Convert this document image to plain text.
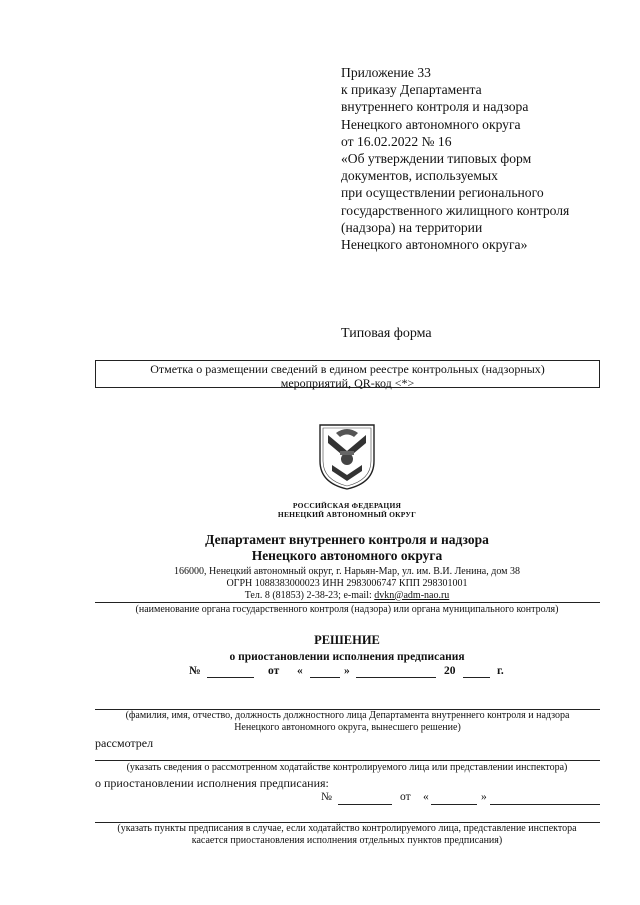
Приложение 33
к приказу Департамента
внутреннего контроля и надзора
Ненецкого автономного округа
от 16.02.2022 № 16
«Об утверждении типовых форм
документов, используемых
при осуществлении регионального
государственного жилищного контроля
(надзора) на территории
Ненецкого автономного округа»
Типовая форма
Отметка о размещении сведений в едином реестре контрольных (надзорных)
мероприятий, QR-код <*>
РОССИЙСКАЯ ФЕДЕРАЦИЯ
НЕНЕЦКИЙ АВТОНОМНЫЙ ОКРУГ
Департамент внутреннего контроля и надзора
Ненецкого автономного округа
166000, Ненецкий автономный округ, г. Нарьян-Мар, ул. им. В.И. Ленина, дом 38
ОГРН 1088383000023 ИНН 2983006747 КПП 298301001
Тел. 8 (81853) 2-38-23; e-mail: dvkn@adm-nao.ru
(наименование органа государственного контроля (надзора) или органа муниципального контроля)
РЕШЕНИЕ
о приостановлении исполнения предписания
№	от «	»	20	г.
(фамилия, имя, отчество, должность должностного лица Департамента внутреннего контроля и надзора
Ненецкого автономного округа, вынесшего решение)
рассмотрел
(указать сведения о рассмотренном ходатайстве контролируемого лица или представлении инспектора)
о приостановлении исполнения предписания:
№	от «	»
(указать пункты предписания в случае, если ходатайство контролируемого лица, представление инспектора
касается приостановления исполнения отдельных пунктов предписания)
